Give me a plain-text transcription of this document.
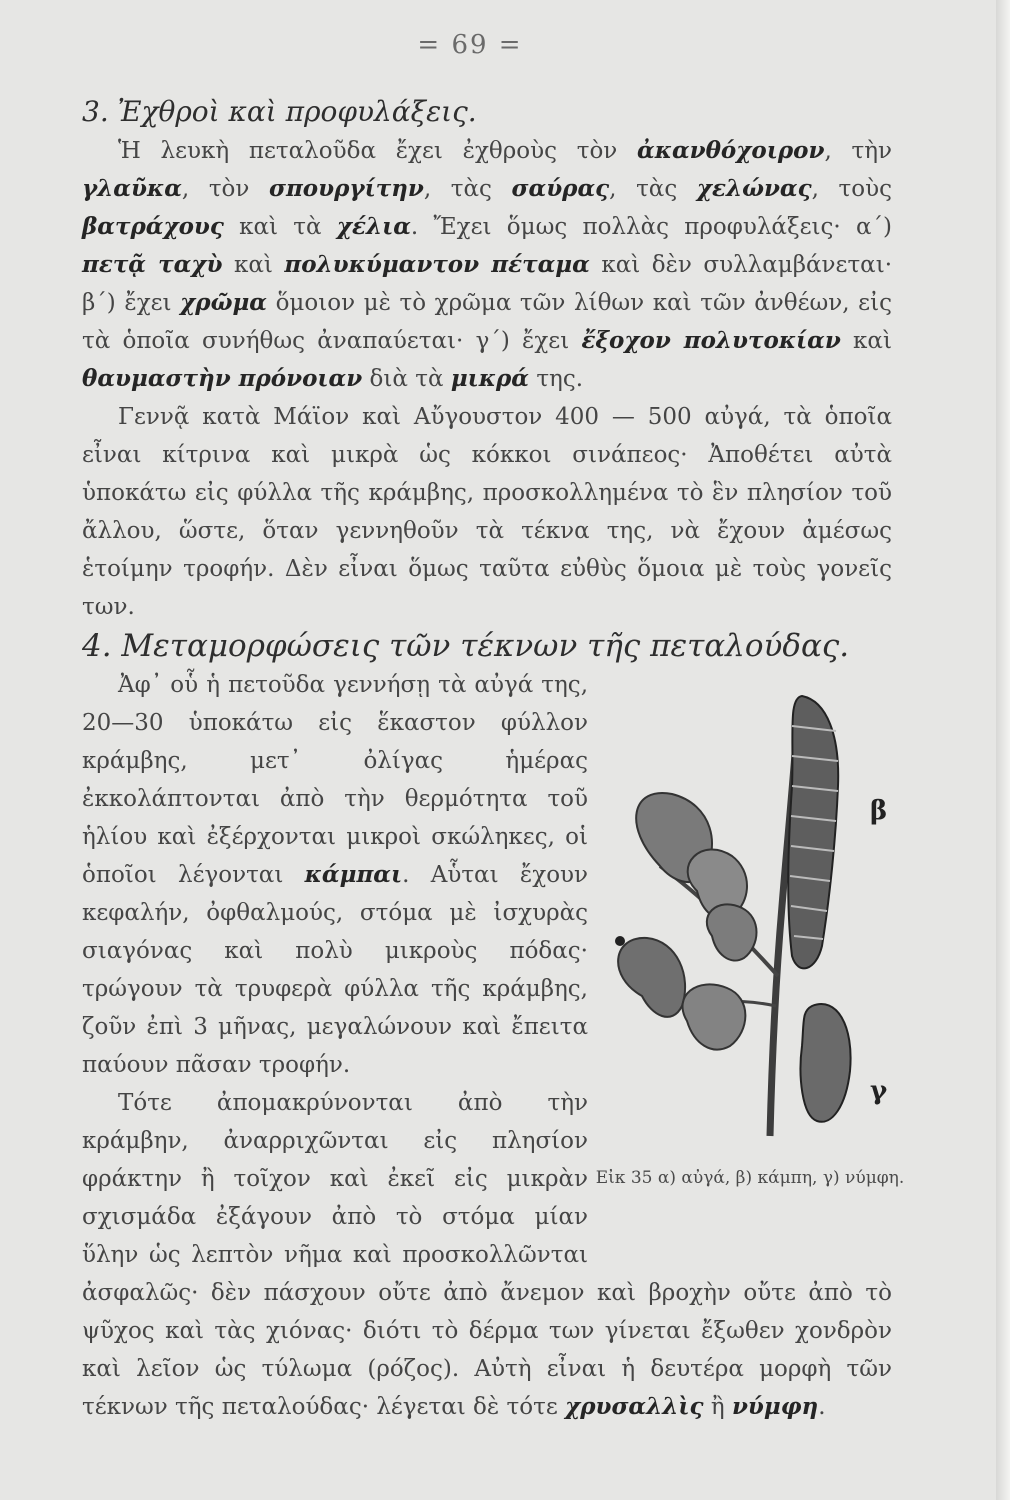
= 69 =
3. Ἐχθροὶ καὶ προφυλάξεις.

Ἡ λευκὴ πεταλοῦδα ἔχει ἐχθροὺς τὸν ἀκανθόχοιρον, τὴν γλαῦκα, τὸν σπουργίτην, τὰς σαύρας, τὰς χελώνας, τοὺς βατράχους καὶ τὰ χέλια. Ἔχει ὅμως πολλὰς προφυλάξεις· α΄) πετᾷ ταχὺ καὶ πολυκύμαντον πέταμα καὶ δὲν συλλαμβάνεται· β΄) ἔχει χρῶμα ὅμοιον μὲ τὸ χρῶμα τῶν λίθων καὶ τῶν ἀνθέων, εἰς τὰ ὁποῖα συνήθως ἀναπαύεται· γ΄) ἔχει ἔξοχον πολυτοκίαν καὶ θαυμαστὴν πρόνοιαν διὰ τὰ μικρά της.

Γεννᾷ κατὰ Μάϊον καὶ Αὔγουστον 400 — 500 αὐγά, τὰ ὁποῖα εἶναι κίτρινα καὶ μικρὰ ὡς κόκκοι σινάπεος· Ἀποθέτει αὐτὰ ὑποκάτω εἰς φύλλα τῆς κράμβης, προσκολλημένα τὸ ἓν πλησίον τοῦ ἄλλου, ὥστε, ὅταν γεννηθοῦν τὰ τέκνα της, νὰ ἔχουν ἀμέσως ἑτοίμην τροφήν. Δὲν εἶναι ὅμως ταῦτα εὐθὺς ὅμοια μὲ τοὺς γονεῖς των.

4. Μεταμορφώσεις τῶν τέκνων τῆς πεταλούδας.
β
γ
Εἰκ 35 α) αὐγά, β) κάμπη, γ) νύμφη.

Ἀφ᾿ οὗ ἡ πετοῦδα γεννήσῃ τὰ αὐγά της, 20—30 ὑποκάτω εἰς ἕκαστον φύλλον κράμβης, μετ᾿ ὀλίγας ἡμέρας ἐκκολάπτονται ἀπὸ τὴν θερμότητα τοῦ ἡλίου καὶ ἐξέρχονται μικροὶ σκώληκες, οἱ ὁποῖοι λέγονται κάμπαι. Αὗται ἔχουν κεφαλήν, ὀφθαλμούς, στόμα μὲ ἰσχυρὰς σιαγόνας καὶ πολὺ μικροὺς πόδας· τρώγουν τὰ τρυφερὰ φύλλα τῆς κράμβης, ζοῦν ἐπὶ 3 μῆνας, μεγαλώνουν καὶ ἔπειτα παύουν πᾶσαν τροφήν.

Τότε ἀπομακρύνονται ἀπὸ τὴν κράμβην, ἀναρριχῶνται εἰς πλησίον φράκτην ἢ τοῖχον καὶ ἐκεῖ εἰς μικρὰν σχισμάδα ἐξάγουν ἀπὸ τὸ στόμα μίαν ὕλην ὡς λεπτὸν νῆμα καὶ προσκολλῶνται ἀσφαλῶς· δὲν πάσχουν οὔτε ἀπὸ ἄνεμον καὶ βροχὴν οὔτε ἀπὸ τὸ ψῦχος καὶ τὰς χιόνας· διότι τὸ δέρμα των γίνεται ἔξωθεν χονδρὸν καὶ λεῖον ὡς τύλωμα (ρόζος). Αὐτὴ εἶναι ἡ δευτέρα μορφὴ τῶν τέκνων τῆς πεταλούδας· λέγεται δὲ τότε χρυσαλλὶς ἢ νύμφη.
